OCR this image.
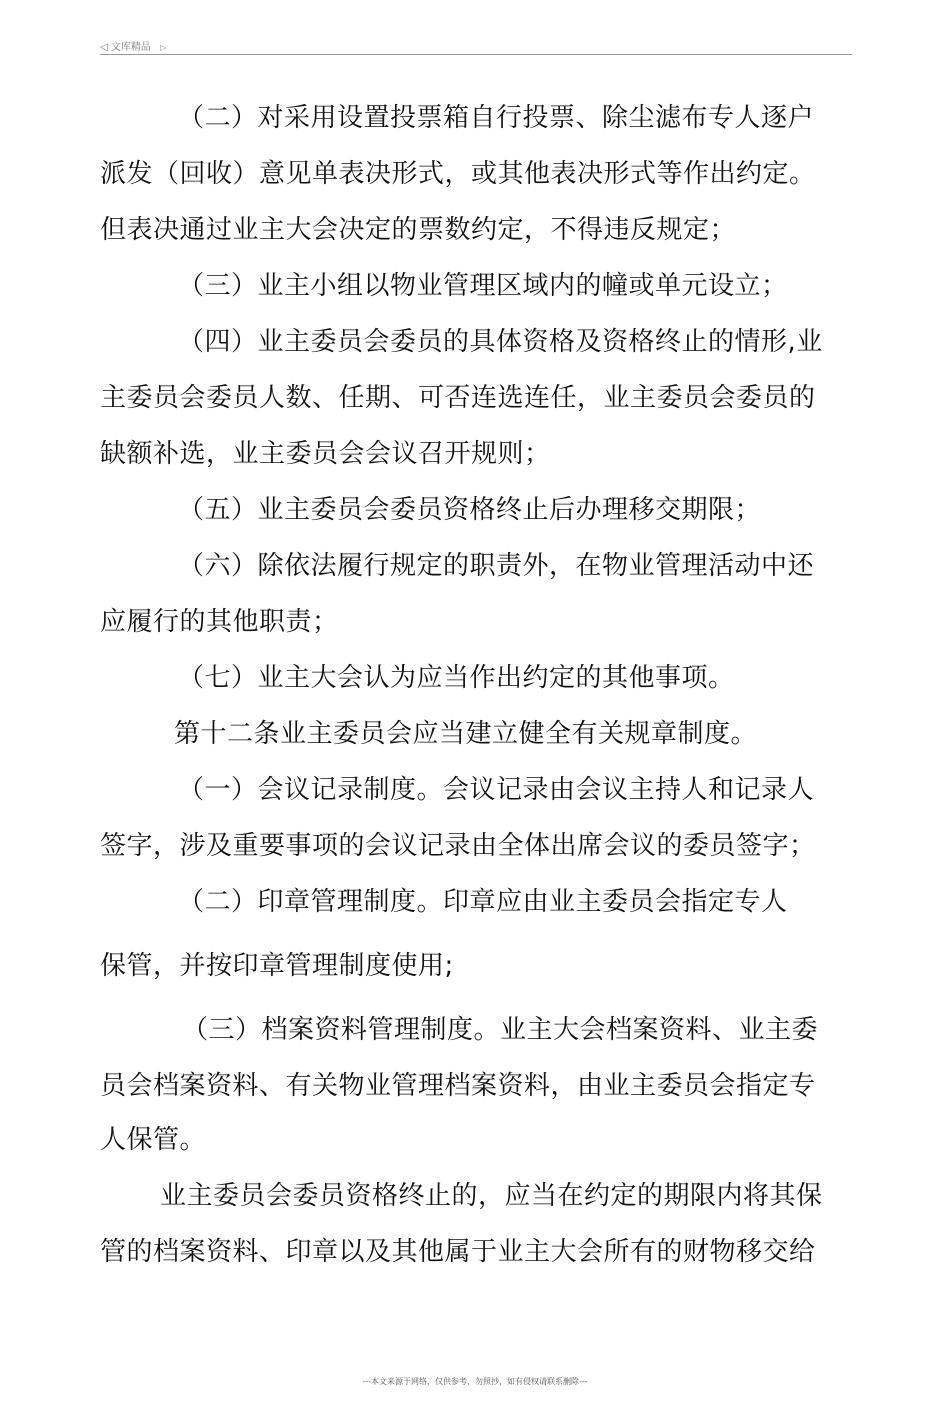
◁ 文库精品 ▷
（二）对采用设置投票箱自行投票、除尘滤布专人逐户
派发（回收）意见单表决形式，或其他表决形式等作出约定。
但表决通过业主大会决定的票数约定，不得违反规定；
（三）业主小组以物业管理区域内的幢或单元设立；
（四）业主委员会委员的具体资格及资格终止的情形,业
主委员会委员人数、任期、可否连选连任，业主委员会委员的
缺额补选，业主委员会会议召开规则；
（五）业主委员会委员资格终止后办理移交期限；
（六）除依法履行规定的职责外，在物业管理活动中还
应履行的其他职责；
（七）业主大会认为应当作出约定的其他事项。
第十二条业主委员会应当建立健全有关规章制度。
（一）会议记录制度。会议记录由会议主持人和记录人
签字，涉及重要事项的会议记录由全体出席会议的委员签字；
（二）印章管理制度。印章应由业主委员会指定专人
保管，并按印章管理制度使用;
（三）档案资料管理制度。业主大会档案资料、业主委
员会档案资料、有关物业管理档案资料，由业主委员会指定专
人保管。
业主委员会委员资格终止的，应当在约定的期限内将其保
管的档案资料、印章以及其他属于业主大会所有的财物移交给
---本文来源于网络，仅供参考，勿照抄，如有侵权请联系删除---
